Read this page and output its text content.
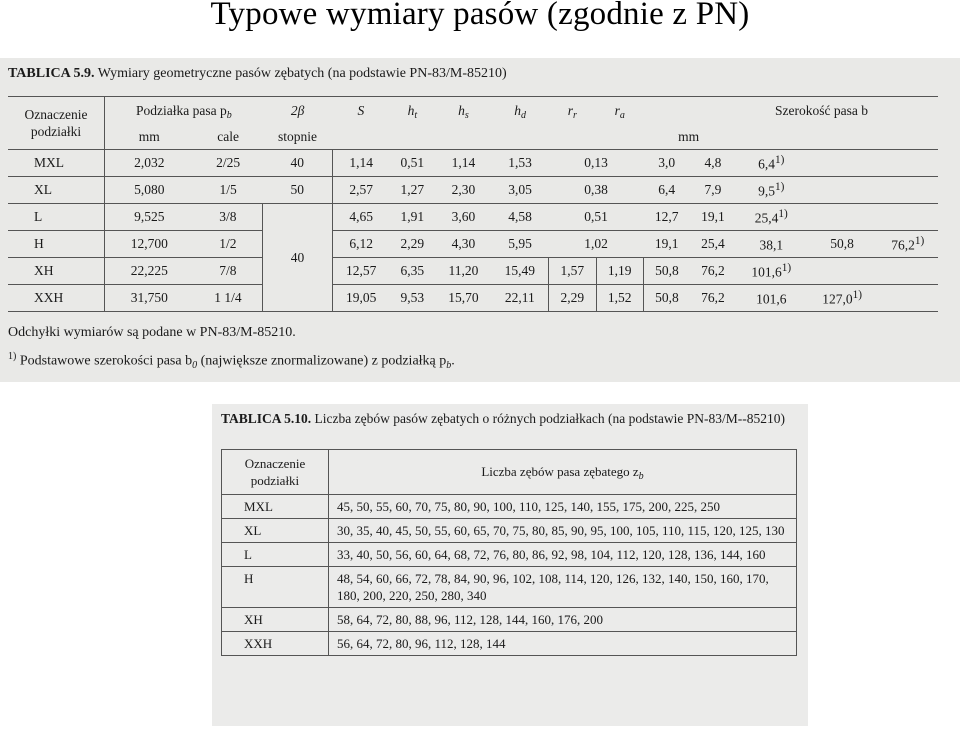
Typowe wymiary pasów (zgodnie z PN)
TABLICA 5.9. Wymiary geometryczne pasów zębatych (na podstawie PN-83/M-85210)
Oznaczenie podziałki	Podziałka pasa $p_b$		2β	S	$h_t$	$h_s$	$h_d$	$r_r$	$r_a$	Szerokość pasa b				
	mm	cale	stopnie	mm										
MXL	2,032	2/25	40	1,14	0,51	1,14	1,53	0,13		3,0	4,8	6,4$^{1)}$		
XL	5,080	1/5	50	2,57	1,27	2,30	3,05	0,38		6,4	7,9	9,5$^{1)}$		
L	9,525	3/8	40	4,65	1,91	3,60	4,58	0,51		12,7	19,1	25,4$^{1)}$		
H	12,700	1/2		6,12	2,29	4,30	5,95	1,02		19,1	25,4	38,1	50,8	76,2$^{1)}$
XH	22,225	7/8		12,57	6,35	11,20	15,49	1,57	1,19	50,8	76,2	101,6$^{1)}$		
XXH	31,750	1 1/4		19,05	9,53	15,70	22,11	2,29	1,52	50,8	76,2	101,6	127,0$^{1)}$	
Odchyłki wymiarów są podane w PN-83/M-85210.
$^{1)}$ Podstawowe szerokości pasa $b_0$ (największe znormalizowane) z podziałką $p_b$.
TABLICA 5.10. Liczba zębów pasów zębatych o różnych podziałkach (na podstawie PN-83/M--85210)
Oznaczenie podziałki	Liczba zębów pasa zębatego $z_b$
MXL	45, 50, 55, 60, 70, 75, 80, 90, 100, 110, 125, 140, 155, 175, 200, 225, 250
XL	30, 35, 40, 45, 50, 55, 60, 65, 70, 75, 80, 85, 90, 95, 100, 105, 110, 115, 120, 125, 130
L	33, 40, 50, 56, 60, 64, 68, 72, 76, 80, 86, 92, 98, 104, 112, 120, 128, 136, 144, 160
H	48, 54, 60, 66, 72, 78, 84, 90, 96, 102, 108, 114, 120, 126, 132, 140, 150, 160, 170, 180, 200, 220, 250, 280, 340
XH	58, 64, 72, 80, 88, 96, 112, 128, 144, 160, 176, 200
XXH	56, 64, 72, 80, 96, 112, 128, 144
